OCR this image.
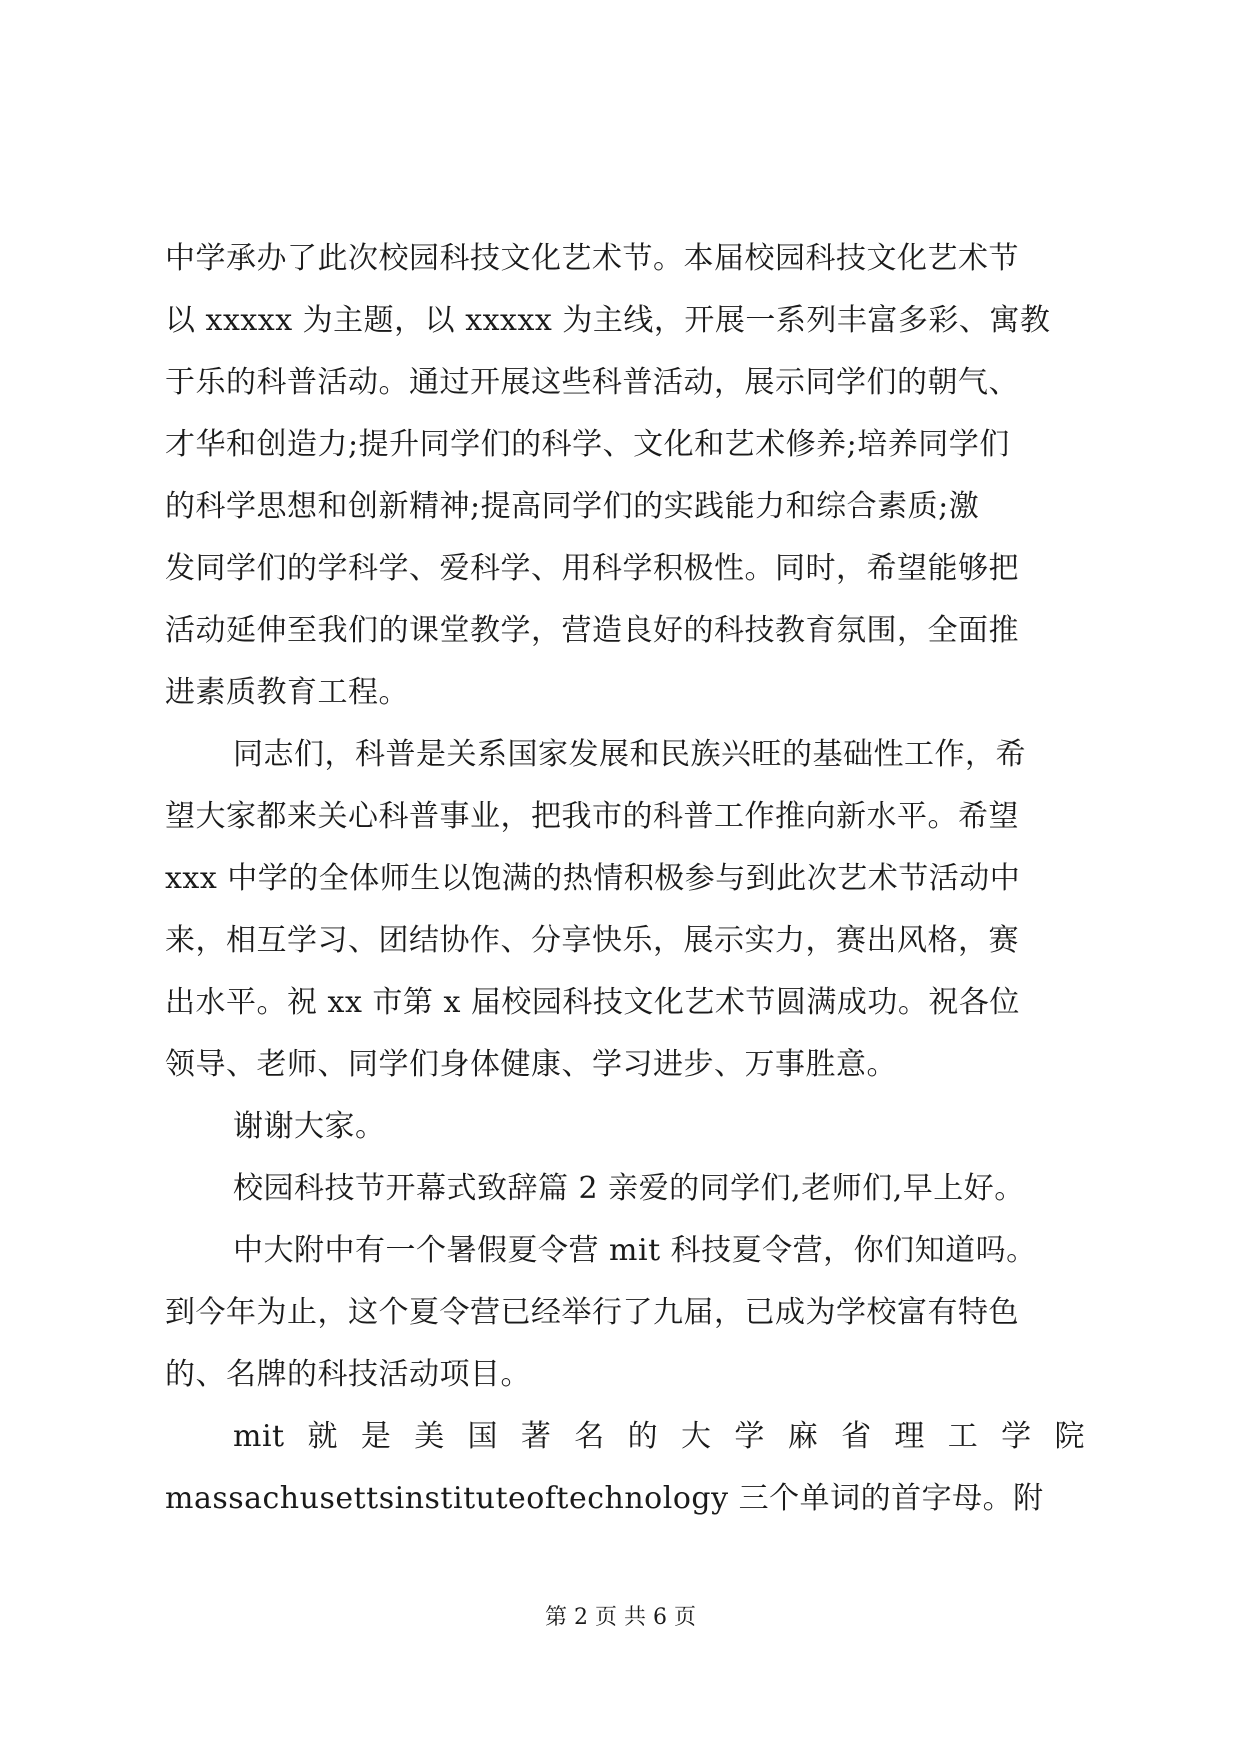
中学承办了此次校园科技文化艺术节。本届校园科技文化艺术节
以 xxxxx 为主题，以 xxxxx 为主线，开展一系列丰富多彩、寓教
于乐的科普活动。通过开展这些科普活动，展示同学们的朝气、
才华和创造力;提升同学们的科学、文化和艺术修养;培养同学们
的科学思想和创新精神;提高同学们的实践能力和综合素质;激
发同学们的学科学、爱科学、用科学积极性。同时，希望能够把
活动延伸至我们的课堂教学，营造良好的科技教育氛围，全面推
进素质教育工程。
同志们，科普是关系国家发展和民族兴旺的基础性工作，希
望大家都来关心科普事业，把我市的科普工作推向新水平。希望
xxx 中学的全体师生以饱满的热情积极参与到此次艺术节活动中
来，相互学习、团结协作、分享快乐，展示实力，赛出风格，赛
出水平。祝 xx 市第 x 届校园科技文化艺术节圆满成功。祝各位
领导、老师、同学们身体健康、学习进步、万事胜意。
谢谢大家。
校园科技节开幕式致辞篇 2 亲爱的同学们,老师们,早上好。
中大附中有一个暑假夏令营 mit 科技夏令营，你们知道吗。
到今年为止，这个夏令营已经举行了九届，已成为学校富有特色
的、名牌的科技活动项目。
mit 就 是 美 国 著 名 的 大 学 麻 省 理 工 学 院
massachusettsinstituteoftechnology 三个单词的首字母。附
第 2 页 共 6 页
